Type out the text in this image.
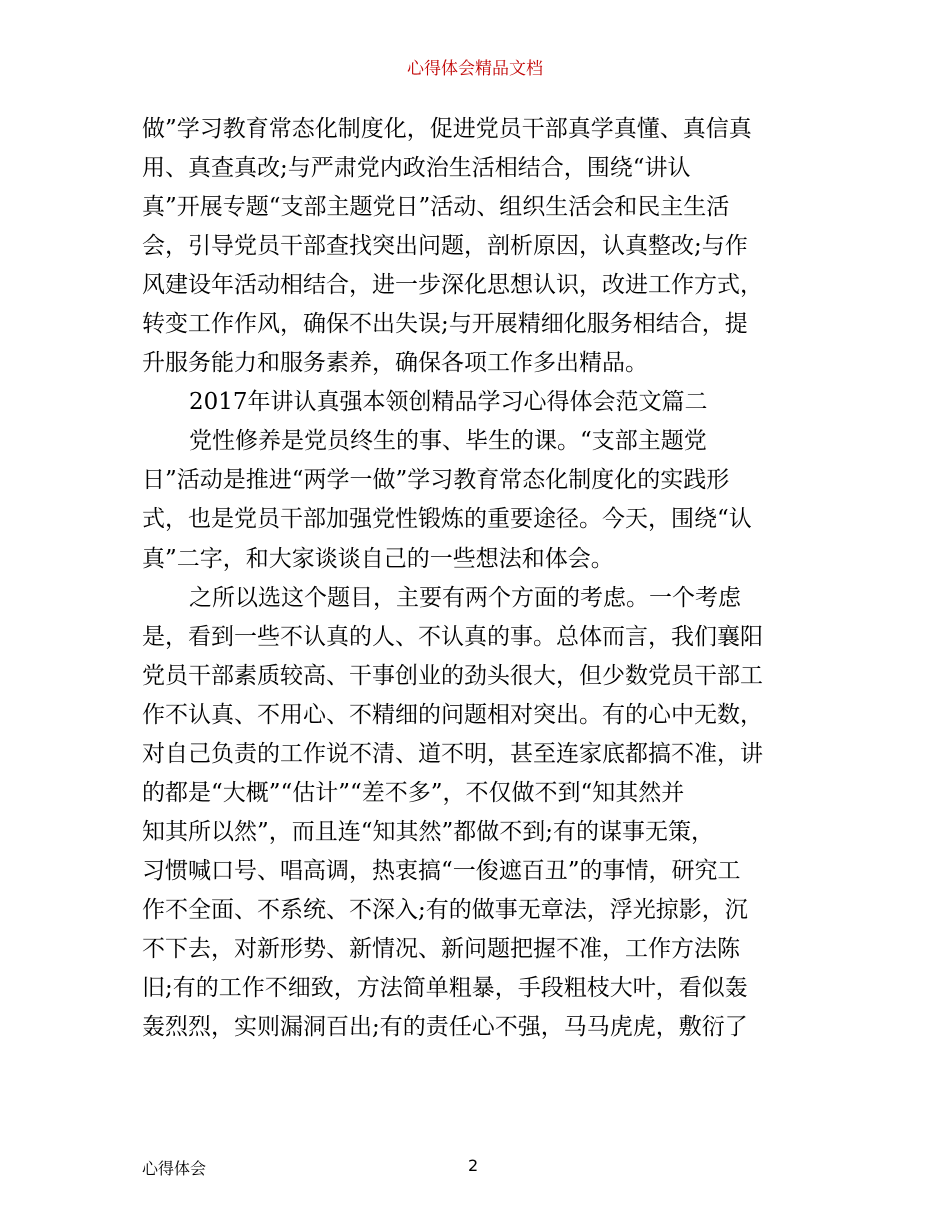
心得体会精品文档
做”学习教育常态化制度化，促进党员干部真学真懂、真信真
用、真查真改;与严肃党内政治生活相结合，围绕“讲认
真”开展专题“支部主题党日”活动、组织生活会和民主生活
会，引导党员干部查找突出问题，剖析原因，认真整改;与作
风建设年活动相结合，进一步深化思想认识，改进工作方式，
转变工作作风，确保不出失误;与开展精细化服务相结合，提
升服务能力和服务素养，确保各项工作多出精品。
2017年讲认真强本领创精品学习心得体会范文篇二
党性修养是党员终生的事、毕生的课。“支部主题党
日”活动是推进“两学一做”学习教育常态化制度化的实践形
式，也是党员干部加强党性锻炼的重要途径。今天，围绕“认
真”二字，和大家谈谈自己的一些想法和体会。
之所以选这个题目，主要有两个方面的考虑。一个考虑
是，看到一些不认真的人、不认真的事。总体而言，我们襄阳
党员干部素质较高、干事创业的劲头很大，但少数党员干部工
作不认真、不用心、不精细的问题相对突出。有的心中无数，
对自己负责的工作说不清、道不明，甚至连家底都搞不准，讲
的都是“大概”“估计”“差不多”，不仅做不到“知其然并
知其所以然”，而且连“知其然”都做不到;有的谋事无策，
习惯喊口号、唱高调，热衷搞“一俊遮百丑”的事情，研究工
作不全面、不系统、不深入;有的做事无章法，浮光掠影，沉
不下去，对新形势、新情况、新问题把握不准，工作方法陈
旧;有的工作不细致，方法简单粗暴，手段粗枝大叶，看似轰
轰烈烈，实则漏洞百出;有的责任心不强，马马虎虎，敷衍了
心得体会	2
